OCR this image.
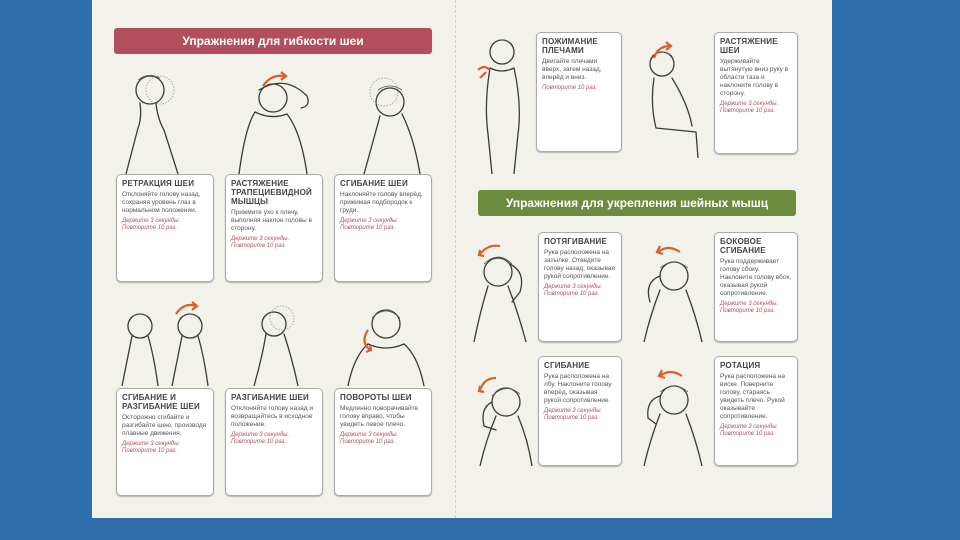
Упражнения для гибкости шеи
Упражнения для укрепления шейных мышц
РЕТРАКЦИЯ ШЕИ
Отклоняйте голову назад, сохраняя уровень глаз в нормальном положении.
Держите 3 секунды. Повторите 10 раз.
РАСТЯЖЕНИЕ ТРАПЕЦИЕВИДНОЙ МЫШЦЫ
Прижмите ухо к плечу, выполняя наклон головы в сторону.
Держите 3 секунды. Повторите 10 раз.
СГИБАНИЕ ШЕИ
Наклоняйте голову вперёд, прижимая подбородок к груди.
Держите 3 секунды. Повторите 10 раз.
СГИБАНИЕ И РАЗГИБАНИЕ ШЕИ
Осторожно сгибайте и разгибайте шею, производя плавные движения.
Держите 3 секунды. Повторите 10 раз.
РАЗГИБАНИЕ ШЕИ
Отклоняйте голову назад и возвращайтесь в исходное положение.
Держите 3 секунды. Повторите 10 раз.
ПОВОРОТЫ ШЕИ
Медленно поворачивайте голову вправо, чтобы увидеть левое плечо.
Держите 3 секунды. Повторите 10 раз.
ПОЖИМАНИЕ ПЛЕЧАМИ
Двигайте плечами вверх, затем назад, вперёд и вниз.
Повторите 10 раз.
РАСТЯЖЕНИЕ ШЕИ
Удерживайте вытянутую вниз руку в области таза и наклоните голову в сторону.
Держите 3 секунды. Повторите 10 раз.
ПОТЯГИВАНИЕ
Рука расположена на затылке. Отведите голову назад, оказывая рукой сопротивление.
Держите 3 секунды. Повторите 10 раз.
БОКОВОЕ СГИБАНИЕ
Рука поддерживает голову сбоку. Наклоните голову вбок, оказывая рукой сопротивление.
Держите 3 секунды. Повторите 10 раз.
СГИБАНИЕ
Рука расположена на лбу. Наклоните голову вперёд, оказывая рукой сопротивление.
Держите 3 секунды. Повторите 10 раз.
РОТАЦИЯ
Рука расположена на виске. Поверните голову, стараясь увидеть плечо. Рукой оказывайте сопротивление.
Держите 3 секунды. Повторите 10 раз.
